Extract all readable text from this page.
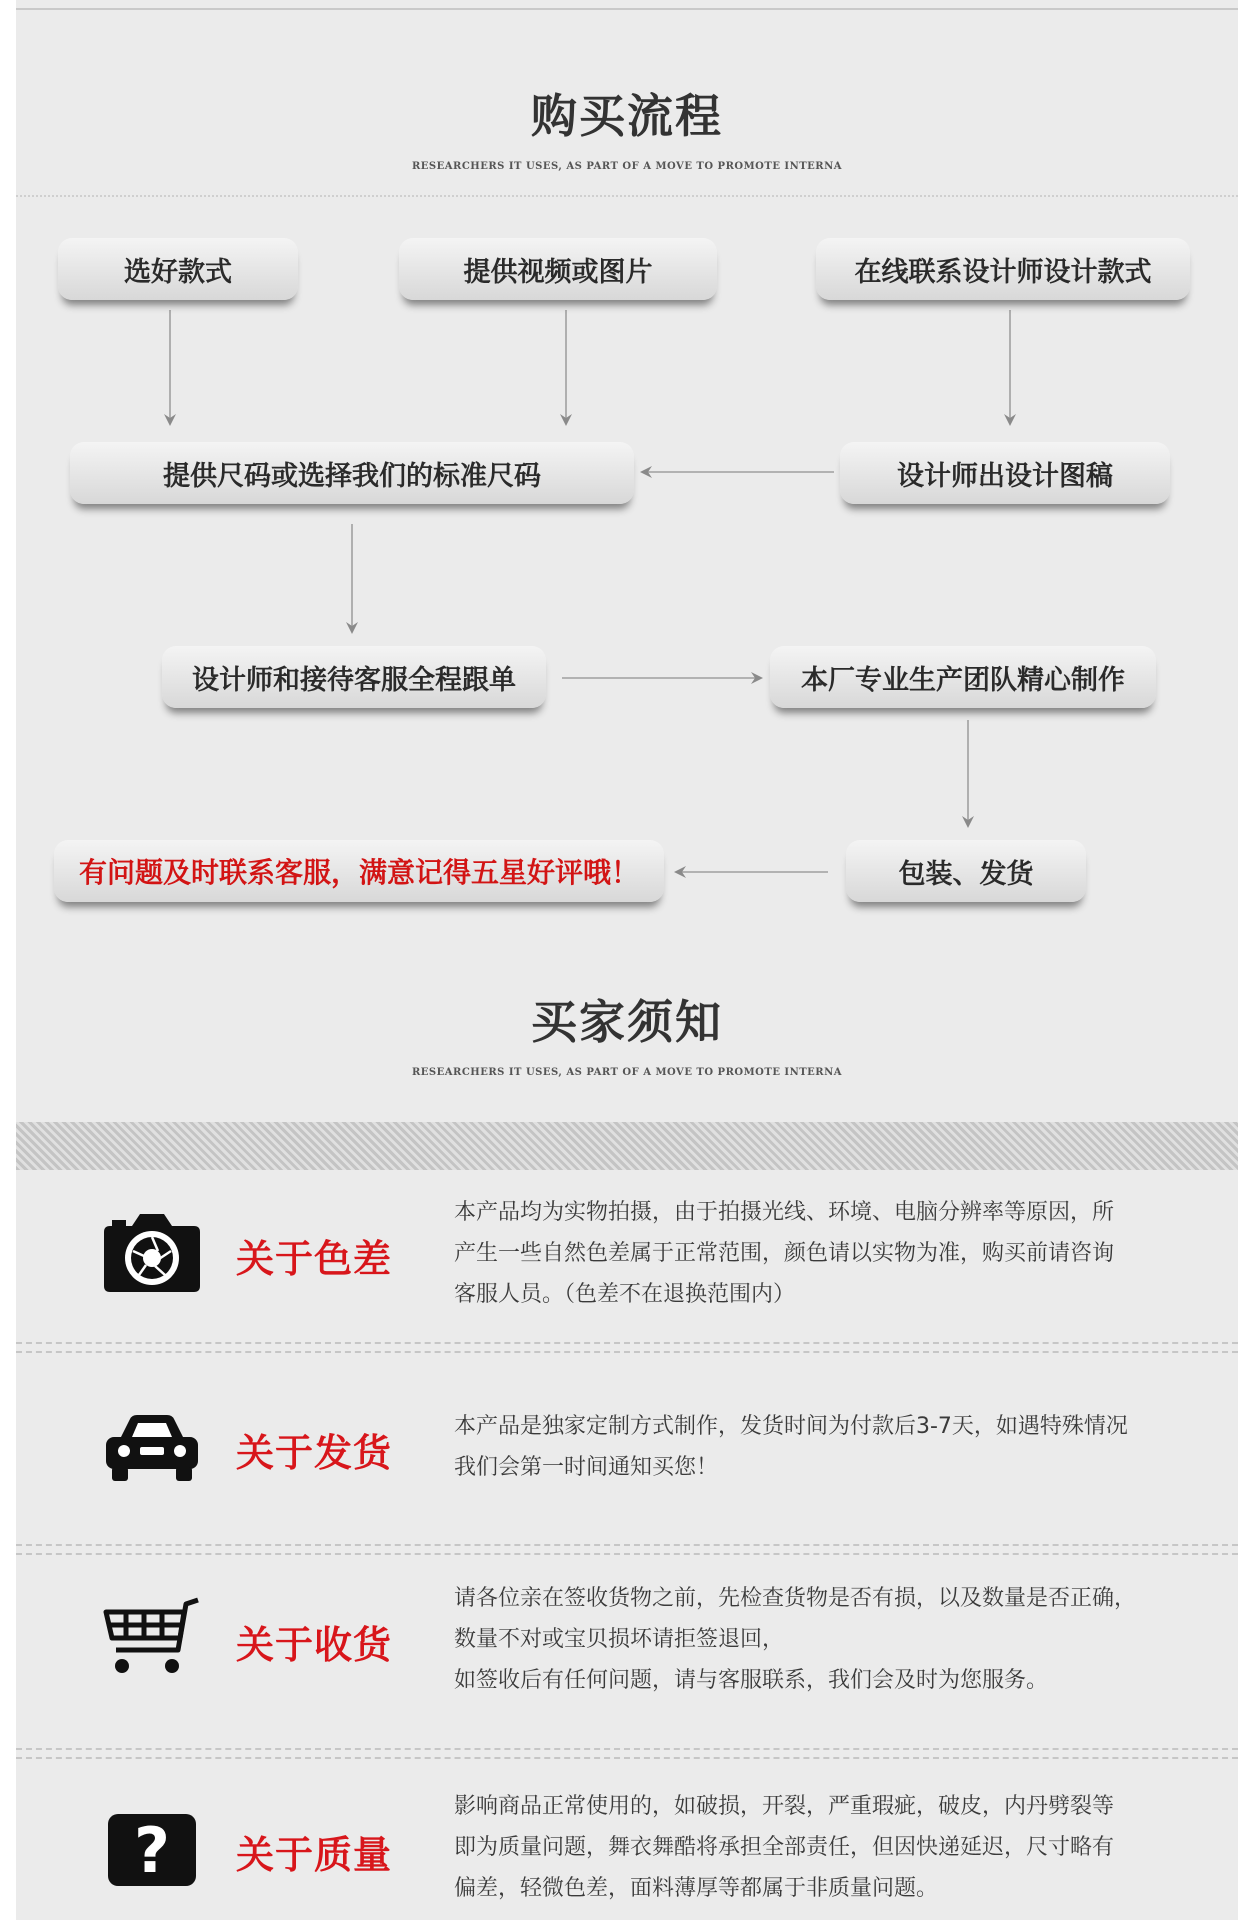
购买流程
RESEARCHERS IT USES, AS PART OF A MOVE TO PROMOTE INTERNA
选好款式	提供视频或图片	在线联系设计师设计款式
提供尺码或选择我们的标准尺码	设计师出设计图稿
设计师和接待客服全程跟单	本厂专业生产团队精心制作
包装、发货
有问题及时联系客服，满意记得五星好评哦！
买家须知
RESEARCHERS IT USES, AS PART OF A MOVE TO PROMOTE INTERNA
关于色差
本产品均为实物拍摄，由于拍摄光线、环境、电脑分辨率等原因，所
产生一些自然色差属于正常范围，颜色请以实物为准，购买前请咨询
客服人员。（色差不在退换范围内）
关于发货
本产品是独家定制方式制作，发货时间为付款后3-7天，如遇特殊情况
我们会第一时间通知买您！
关于收货
请各位亲在签收货物之前，先检查货物是否有损，以及数量是否正确，
数量不对或宝贝损坏请拒签退回，
如签收后有任何问题，请与客服联系，我们会及时为您服务。
? 关于质量
影响商品正常使用的，如破损，开裂，严重瑕疵，破皮，内丹劈裂等
即为质量问题，舞衣舞酷将承担全部责任，但因快递延迟，尺寸略有
偏差，轻微色差，面料薄厚等都属于非质量问题。
